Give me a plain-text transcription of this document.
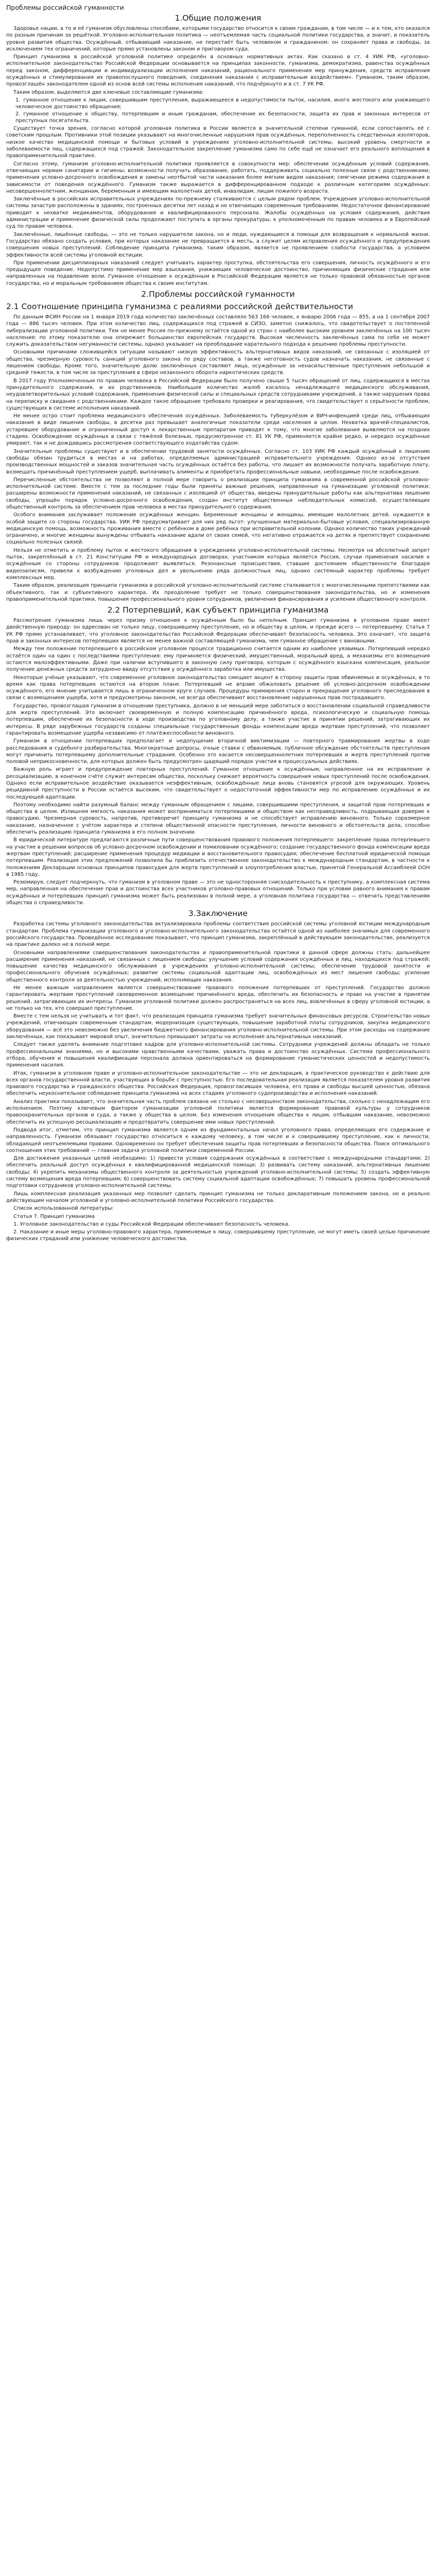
Проблемы российской гуманности
1.Общие положения

Здоровье нации, а то и её гуманизм обусловлены способами, которыми государство относится к своим гражданам, в том числе — и к тем, кто оказался по разным причинам за решёткой. Уголовно-исполнительная политика — неотъемлемая часть социальной политики государства, а значит, и показатель уровня развития общества. Осуждённый, отбывающий наказание, не перестаёт быть человеком и гражданином: он сохраняет права и свободы, за исключением тех ограничений, которые прямо установлены законом и приговором суда.

Принцип гуманизма в российской уголовной политике определён в основных нормативных актах. Как сказано в ст. 4 УИК РФ, «уголовно-исполнительное законодательство Российской Федерации основывается на принципах законности, гуманизма, демократизма, равенства осуждённых перед законом, дифференциации и индивидуализации исполнения наказаний, рационального применения мер принуждения, средств исправления осуждённых и стимулирования их правопослушного поведения, соединения наказания с исправительным воздействием». Гуманизм, таким образом, провозглашён законодателем одной из основ всей системы исполнения наказаний, что подчёркнуто и в ст. 7 УК РФ.

Таким образом, выделяются две ключевые составляющие гуманизма:

1. гуманное отношение к лицам, совершившим преступления, выражающееся в недопустимости пыток, насилия, иного жестокого или унижающего человеческое достоинство обращения;
2. гуманное отношение к обществу, потерпевшим и иным гражданам, обеспечение их безопасности, защита их прав и законных интересов от преступных посягательств.

Существует точка зрения, согласно которой уголовная политика в России является в значительной степени гуманной, если сопоставлять её с советским прошлым. Противники этой позиции указывают на многочисленные нарушения прав осуждённых, переполненность следственных изоляторов, низкое качество медицинской помощи и бытовых условий в учреждениях уголовно-исполнительной системы, высокий уровень смертности и заболеваемости лиц, содержащихся под стражей. Законодательное закрепление гуманизма само по себе ещё не означает его реального воплощения в правоприменительной практике.

Согласно этому, гуманизм уголовно-исполнительной политики проявляется в совокупности мер: обеспечении осуждённым условий содержания, отвечающих нормам санитарии и гигиены; возможности получать образование, работать, поддерживать социально полезные связи с родственниками; применении условно-досрочного освобождения и замены неотбытой части наказания более мягким видом наказания; смягчении режима содержания в зависимости от поведения осуждённого. Гуманизм также выражается в дифференцированном подходе к различным категориям осуждённых: несовершеннолетним, женщинам, беременным и имеющим малолетних детей, инвалидам, лицам пожилого возраста.

Заключённые в российских исправительных учреждениях по-прежнему сталкиваются с целым рядом проблем. Учреждения уголовно-исполнительной системы зачастую расположены в зданиях, построенных десятки лет назад и не отвечающих современным требованиям. Недостаточное финансирование приводит к нехватке медикаментов, оборудования и квалифицированного персонала. Жалобы осуждённых на условия содержания, действия администрации и применение физической силы продолжают поступать в органы прокуратуры, к уполномоченным по правам человека и в Европейский суд по правам человека.

Заключённые, лишённые свободы, — это не только нарушители закона, но и люди, нуждающиеся в помощи для возвращения к нормальной жизни. Государство обязано создать условия, при которых наказание не превращается в месть, а служит целям исправления осуждённого и предупреждения совершения новых преступлений. Соблюдение принципа гуманизма, таким образом, является не проявлением слабости государства, а условием эффективности всей системы уголовной юстиции.

При применении дисциплинарных наказаний следует учитывать характер проступка, обстоятельства его совершения, личность осуждённого и его предыдущее поведение. Недопустимо применение мер взыскания, унижающих человеческое достоинство, причиняющих физические страдания или направленных на подавление воли. Гуманное отношение к осуждённым в Российской Федерации является не только правовой обязанностью органов государства, но и моральным требованием общества к своим институтам.

2.Проблемы российской гуманности
2.1 Соотношение принципа гуманизма с реалиями российской действительности

По данным ФСИН России на 1 января 2019 года количество заключённых составляло 563 166 человек, к январю 2006 года — 855, а на 1 сентября 2007 года — 886 тысяч человек. При этом количество лиц, содержащихся под стражей в СИЗО, заметно снижалось, что свидетельствует о постепенной либерализации уголовной политики. Тем не менее Россия по-прежнему остаётся одной из стран с наиболее высоким уровнем заключённых на 100 тысяч населения: по этому показателю она опережает большинство европейских государств. Высокая численность заключённых сама по себе не может служить доказательством негуманности системы, однако указывает на преобладание карательного подхода к решению проблемы преступности.

Основными причинами сложившейся ситуации называют низкую эффективность альтернативных видов наказаний, не связанных с изоляцией от общества, чрезмерную суровость санкций уголовного закона по ряду составов, а также неготовность судов назначать наказания, не связанные с лишением свободы. Кроме того, значительную долю заключённых составляют лица, осуждённые за ненасильственные преступления небольшой и средней тяжести, в том числе за преступления в сфере незаконного оборота наркотических средств.

В 2017 году Уполномоченным по правам человека в Российской Федерации было получено свыше 5 тысяч обращений от лиц, содержащихся в местах принудительного содержания, и их родственников. Наибольшее количество жалоб касалось ненадлежащего медицинского обслуживания, неудовлетворительных условий содержания, применения физической силы и специальных средств сотрудниками учреждений, а также нарушения права на переписку и свидания с родственниками. Каждое такое обращение требовало проверки и реагирования, что свидетельствует о серьёзности проблем, существующих в системе исполнения наказаний.

Не менее остро стоит проблема медицинского обеспечения осуждённых. Заболеваемость туберкулёзом и ВИЧ-инфекцией среди лиц, отбывающих наказание в виде лишения свободы, в десятки раз превышает аналогичные показатели среди населения в целом. Нехватка врачей-специалистов, устаревшее оборудование и ограниченный доступ к лекарственным препаратам приводят к тому, что многие заболевания выявляются на поздних стадиях. Освобождение осуждённых в связи с тяжёлой болезнью, предусмотренное ст. 81 УК РФ, применяется крайне редко, и нередко осуждённые умирают, так и не дождавшись рассмотрения соответствующего ходатайства судом.

Значительные проблемы существуют и в обеспечении трудовой занятости осуждённых. Согласно ст. 103 УИК РФ каждый осуждённый к лишению свободы обязан трудиться в местах и на работах, определяемых администрацией исправительного учреждения. Однако из-за отсутствия производственных мощностей и заказов значительная часть осуждённых остаётся без работы, что лишает их возможности получать заработную плату, возмещать причинённый преступлением ущерб, выплачивать алименты и приобретать профессиональные навыки, необходимые после освобождения.

Перечисленные обстоятельства не позволяют в полной мере говорить о реализации принципа гуманизма в современной российской уголовно-исполнительной системе. Вместе с тем за последние годы были приняты важные решения, направленные на гуманизацию уголовной политики: расширены возможности применения наказаний, не связанных с изоляцией от общества, введены принудительные работы как альтернатива лишению свободы, упрощён порядок условно-досрочного освобождения, создан институт общественных наблюдательных комиссий, осуществляющих общественный контроль за обеспечением прав человека в местах принудительного содержания.

Особого внимания заслуживает положение осуждённых женщин. Беременные женщины и женщины, имеющие малолетних детей, нуждаются в особой защите со стороны государства. УИК РФ предусматривает для них ряд льгот: улучшенные материально-бытовые условия, специализированную медицинскую помощь, возможность проживания вместе с ребёнком в доме ребёнка при исправительной колонии. Однако количество таких учреждений ограничено, и многие женщины вынуждены отбывать наказание вдали от своих семей, что негативно отражается на детях и препятствует сохранению социально полезных связей.

Нельзя не отметить и проблему пыток и жестокого обращения в учреждениях уголовно-исполнительной системы. Несмотря на абсолютный запрет пыток, закреплённый в ст. 21 Конституции РФ и международных договорах, участником которых является Россия, случаи применения насилия к осуждённым со стороны сотрудников продолжают выявляться. Резонансные происшествия, ставшие достоянием общественности благодаря видеозаписям, привели к возбуждению уголовных дел и увольнению ряда должностных лиц, однако системный характер проблемы требует комплексных мер.

Таким образом, реализация принципа гуманизма в российской уголовно-исполнительной системе сталкивается с многочисленными препятствиями как объективного, так и субъективного характера. Их преодоление требует не только совершенствования законодательства, но и изменения правоприменительной практики, повышения профессионального уровня сотрудников, увеличения финансирования и усиления общественного контроля.

2.2 Потерпевший, как субъект принципа гуманизма

Рассмотрение гуманизма лишь через призму отношения к осуждённым было бы неполным. Принцип гуманизма в уголовном праве имеет двойственную природу: он адресован не только лицу, совершившему преступление, но и обществу в целом, и прежде всего — потерпевшему. Статья 7 УК РФ прямо устанавливает, что уголовное законодательство Российской Федерации обеспечивает безопасность человека. Это означает, что защита прав и законных интересов потерпевших является не менее важной составляющей гуманизма, чем гуманное обращение с виновными.

Между тем положение потерпевшего в российском уголовном процессе традиционно считается одним из наиболее уязвимых. Потерпевший нередко остаётся один на один с последствиями преступления: ему причиняется физический, имущественный, моральный вред, а механизмы его возмещения остаются малоэффективными. Даже при наличии вступившего в законную силу приговора, которым с осуждённого взыскана компенсация, реальное получение денежных средств затруднено ввиду отсутствия у осуждённого заработка или имущества.

Некоторые учёные указывают, что современное уголовное законодательство смещает акцент в сторону защиты прав обвиняемых и осуждённых, в то время как права потерпевших остаются на втором плане. Потерпевший не вправе обжаловать решение об условно-досрочном освобождении осуждённого, его мнение учитывается лишь в ограниченном круге случаев. Процедуры примирения сторон и прекращения уголовного преследования в связи с возмещением ущерба, хотя и предусмотрены законом, не всегда обеспечивают восстановление нарушенных прав пострадавшего.

Государство, провозглашая гуманизм в отношении преступника, должно в не меньшей мере заботиться о восстановлении социальной справедливости для жертв преступлений. Это включает своевременную и полную компенсацию причинённого вреда, психологическую и социальную помощь потерпевшим, обеспечение их безопасности в ходе производства по уголовному делу, а также участие в принятии решений, затрагивающих их интересы. В ряде зарубежных государств созданы специальные государственные фонды компенсации вреда жертвам преступлений, что позволяет гарантировать возмещение ущерба независимо от платёжеспособности виновного.

Гуманизм в отношении потерпевших предполагает и недопущение вторичной виктимизации — повторного травмирования жертвы в ходе расследования и судебного разбирательства. Многократные допросы, очные ставки с обвиняемым, публичное обсуждение обстоятельств преступления могут причинить потерпевшему дополнительные страдания. Особенно это касается несовершеннолетних потерпевших и жертв преступлений против половой неприкосновенности, для которых должен быть предусмотрен щадящий порядок участия в процессуальных действиях.

Важную роль играет и предупреждение повторных преступлений. Гуманное отношение к осуждённым, направленное на их исправление и ресоциализацию, в конечном счёте служит интересам общества, поскольку снижает вероятность совершения новых преступлений после освобождения. Однако если исправительное воздействие оказывается неэффективным, освобождённые лица вновь становятся угрозой для окружающих. Уровень рецидивной преступности в России остаётся высоким, что свидетельствует о недостаточной эффективности мер по исправлению осуждённых и их последующей адаптации.

Поэтому необходимо найти разумный баланс между гуманным обращением с лицами, совершившими преступления, и защитой прав потерпевших и общества в целом. Излишняя мягкость наказания может восприниматься потерпевшими и обществом как несправедливость, подрывающая доверие к правосудию. Чрезмерная суровость, напротив, противоречит принципу гуманизма и не способствует исправлению виновного. Только соразмерное наказание, назначенное с учётом характера и степени общественной опасности преступления, личности виновного и обстоятельств дела, способно обеспечить реализацию принципа гуманизма в его полном значении.

В юридической литературе предлагаются различные пути совершенствования правового положения потерпевшего: закрепление права потерпевшего на участие в решении вопросов об условно-досрочном освобождении и помиловании осуждённого; создание государственного фонда компенсации вреда жертвам преступлений; расширение применения процедур медиации и восстановительного правосудия; обеспечение бесплатной юридической помощи потерпевшим. Реализация этих предложений позволила бы приблизить отечественное законодательство к международным стандартам, в частности к положениям Декларации основных принципов правосудия для жертв преступлений и злоупотребления властью, принятой Генеральной Ассамблеей ООН в 1985 году.

Резюмируя, следует подчеркнуть, что гуманизм в уголовном праве — это не односторонняя снисходительность к преступнику, а комплексная система мер, направленная на обеспечение прав и достоинства всех участников уголовно-правовых отношений. Только при условии равного внимания к правам осуждённых и потерпевших принцип гуманизма может быть реализован в полной мере, а уголовная политика государства — отвечать представлениям общества о справедливости.

3.Заключение

Разработка системы уголовного законодательства актуализировала проблемы соответствия российской системы уголовной юстиции международным стандартам. Проблема гуманизации уголовного и уголовно-исполнительного законодательства остаётся одной из наиболее значимых для современного российского государства. Проведённое исследование показывает, что принцип гуманизма, закреплённый в действующем законодательстве, реализуется на практике далеко не в полной мере.

Основными направлениями совершенствования законодательства и правоприменительной практики в данной сфере должны стать: дальнейшее расширение применения наказаний, не связанных с лишением свободы; улучшение условий содержания осуждённых и лиц, находящихся под стражей; повышение качества медицинского обслуживания в учреждениях уголовно-исполнительной системы; обеспечение трудовой занятости и профессионального обучения осуждённых; развитие системы социальной адаптации лиц, освобождённых из мест лишения свободы; усиление общественного контроля за деятельностью учреждений, исполняющих наказания.

Не менее важным направлением является совершенствование правового положения потерпевших от преступлений. Государство должно гарантировать жертвам преступлений своевременное возмещение причинённого вреда, обеспечить их безопасность и право на участие в принятии решений, затрагивающих их интересы. Гуманизм уголовной политики должен распространяться на всех лиц, вовлечённых в сферу уголовной юстиции, а не только на тех, кто совершил преступление.

Вместе с тем нельзя не учитывать и тот факт, что реализация принципа гуманизма требует значительных финансовых ресурсов. Строительство новых учреждений, отвечающих современным стандартам, модернизация существующих, повышение заработной платы сотрудников, закупка медицинского оборудования — всё это невозможно без увеличения бюджетного финансирования уголовно-исполнительной системы. При этом расходы на содержание заключённых, как показывает мировой опыт, значительно превышают затраты на исполнение альтернативных наказаний.

Следует также уделять внимание подготовке кадров для уголовно-исполнительной системы. Сотрудники учреждений должны обладать не только профессиональными знаниями, но и высокими нравственными качествами, уважать права и достоинство осуждённых. Система профессионального отбора, обучения и повышения квалификации персонала должна ориентироваться на формирование гуманистических ценностей и недопустимость применения насилия.

Итак, гуманизм в уголовном праве и уголовно-исполнительном законодательстве — это не декларация, а практическое руководство к действию для всех органов государственной власти, участвующих в борьбе с преступностью. Его последовательная реализация является показателем уровня развития правового государства и гражданского общества. Российская Федерация, провозгласившая человека, его права и свободы высшей ценностью, обязана обеспечить неукоснительное соблюдение принципа гуманизма на всех стадиях уголовного судопроизводства и исполнения наказаний.

Анализ практики показывает, что значительная часть проблем связана не столько с несовершенством законодательства, сколько с ненадлежащим его исполнением. Поэтому ключевым фактором гуманизации уголовной политики является формирование правовой культуры у сотрудников правоохранительных органов и суда, а также у общества в целом. Без изменения отношения общества к лицам, отбывшим наказание, невозможно обеспечить их успешную ресоциализацию и предотвратить совершение ими новых преступлений.

Подводя итог, отметим, что принцип гуманизма является одним из фундаментальных начал уголовного права, определяющих его содержание и направленность. Гуманизм обязывает государство относиться к каждому человеку, в том числе и к совершившему преступление, как к личности, обладающей неотъемлемыми правами. Одновременно он требует обеспечения защиты прав потерпевших и безопасности общества. Поиск оптимального соотношения этих требований — главная задача уголовной политики современной России.

Для достижения указанных целей необходимо: 1) привести условия содержания осуждённых в соответствие с международными стандартами; 2) обеспечить реальный доступ осуждённых к квалифицированной медицинской помощи; 3) развивать систему наказаний, альтернативных лишению свободы; 4) укрепить механизмы общественного контроля за деятельностью учреждений уголовно-исполнительной системы; 5) создать эффективную систему возмещения вреда потерпевшим; 6) совершенствовать систему социальной адаптации освобождённых; 7) повышать уровень профессиональной подготовки сотрудников уголовно-исполнительной системы.

Лишь комплексная реализация указанных мер позволит сделать принцип гуманизма не только декларативным положением закона, но и реально действующим началом уголовной и уголовно-исполнительной политики Российского государства.

Список использованной литературы:

Статья 7. Принцип гуманизма

1. Уголовное законодательство и суды Российской Федерации обеспечивают безопасность человека.

2. Наказание и иные меры уголовно-правового характера, применяемые к лицу, совершившему преступление, не могут иметь своей целью причинение физических страданий или унижение человеческого достоинства.
